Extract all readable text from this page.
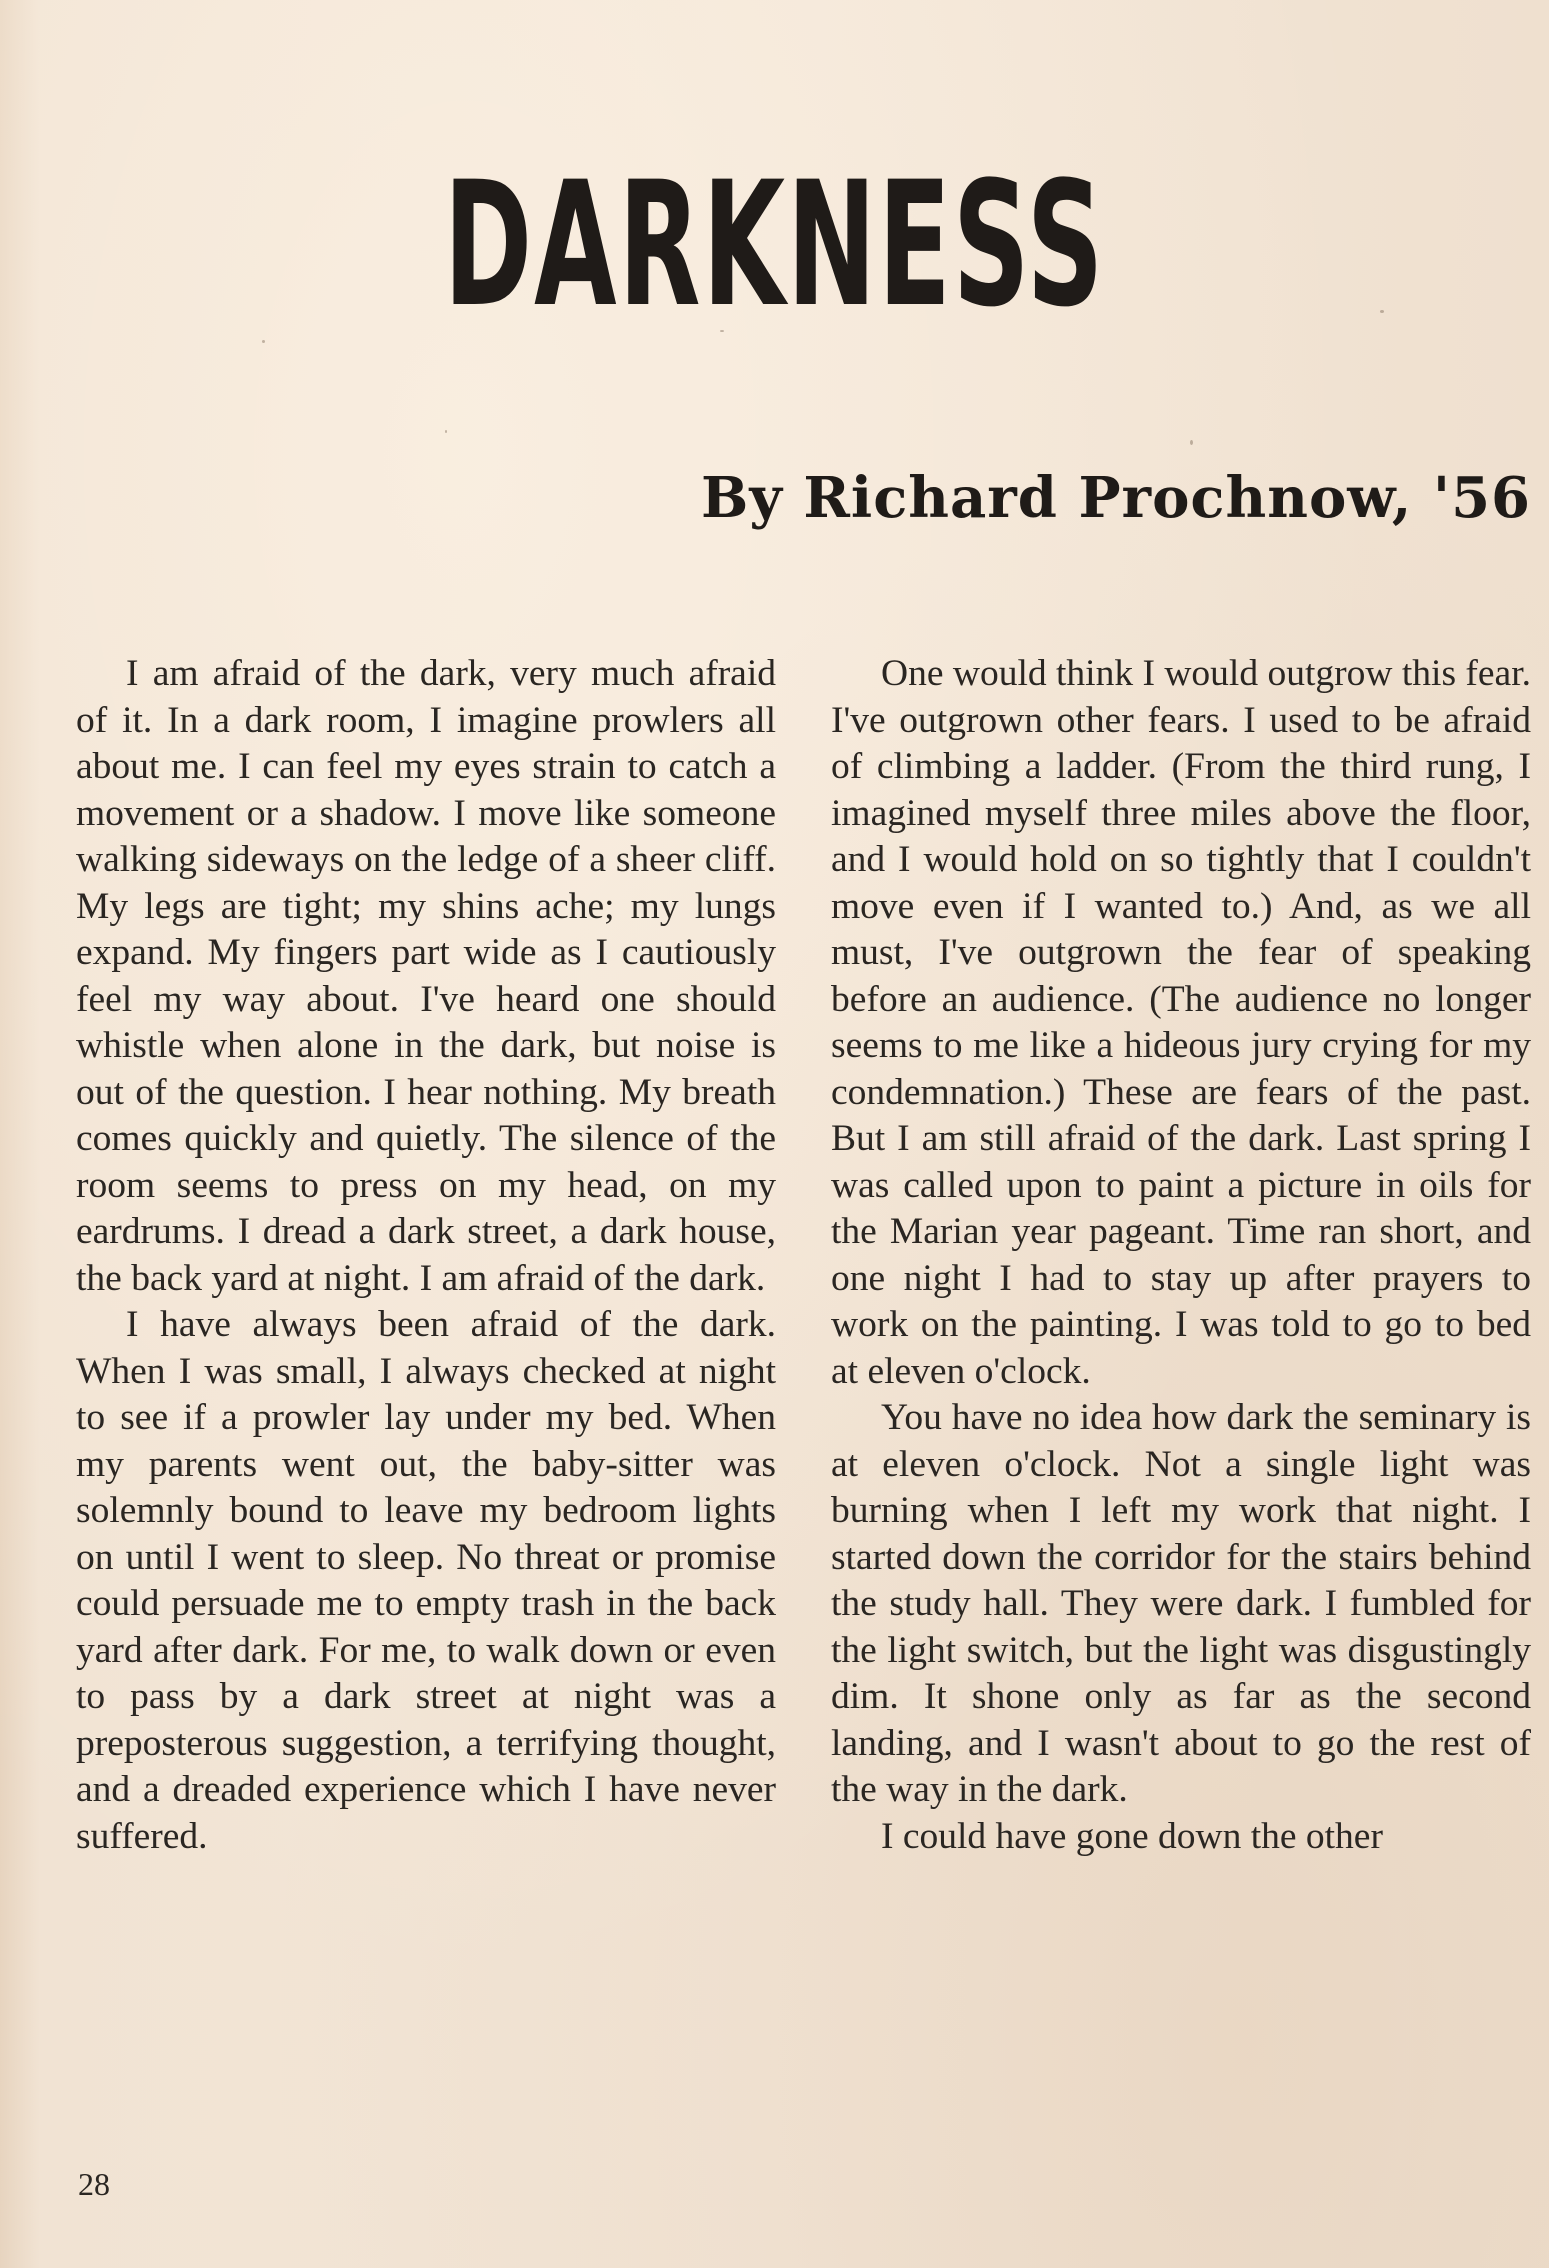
DARKNESS
By Richard Prochnow, '56

I am afraid of the dark, very much afraid of it. In a dark room, I imagine prowlers all about me. I can feel my eyes strain to catch a movement or a shadow. I move like someone walking sideways on the ledge of a sheer cliff. My legs are tight; my shins ache; my lungs expand. My fingers part wide as I cautiously feel my way about. I've heard one should whistle when alone in the dark, but noise is out of the question. I hear nothing. My breath comes quickly and quietly. The silence of the room seems to press on my head, on my eardrums. I dread a dark street, a dark house, the back yard at night. I am afraid of the dark.

I have always been afraid of the dark. When I was small, I always checked at night to see if a prowler lay under my bed. When my parents went out, the baby-sitter was solemnly bound to leave my bedroom lights on until I went to sleep. No threat or promise could persuade me to empty trash in the back yard after dark. For me, to walk down or even to pass by a dark street at night was a preposterous suggestion, a terrifying thought, and a dreaded experience which I have never suffered.

One would think I would outgrow this fear. I've outgrown other fears. I used to be afraid of climbing a ladder. (From the third rung, I imagined myself three miles above the floor, and I would hold on so tightly that I couldn't move even if I wanted to.) And, as we all must, I've outgrown the fear of speaking before an audience. (The audience no longer seems to me like a hideous jury crying for my condemnation.) These are fears of the past. But I am still afraid of the dark. Last spring I was called upon to paint a picture in oils for the Marian year pageant. Time ran short, and one night I had to stay up after prayers to work on the painting. I was told to go to bed at eleven o'clock.

You have no idea how dark the seminary is at eleven o'clock. Not a single light was burning when I left my work that night. I started down the corridor for the stairs behind the study hall. They were dark. I fumbled for the light switch, but the light was disgustingly dim. It shone only as far as the second landing, and I wasn't about to go the rest of the way in the dark.

I could have gone down the other

28
